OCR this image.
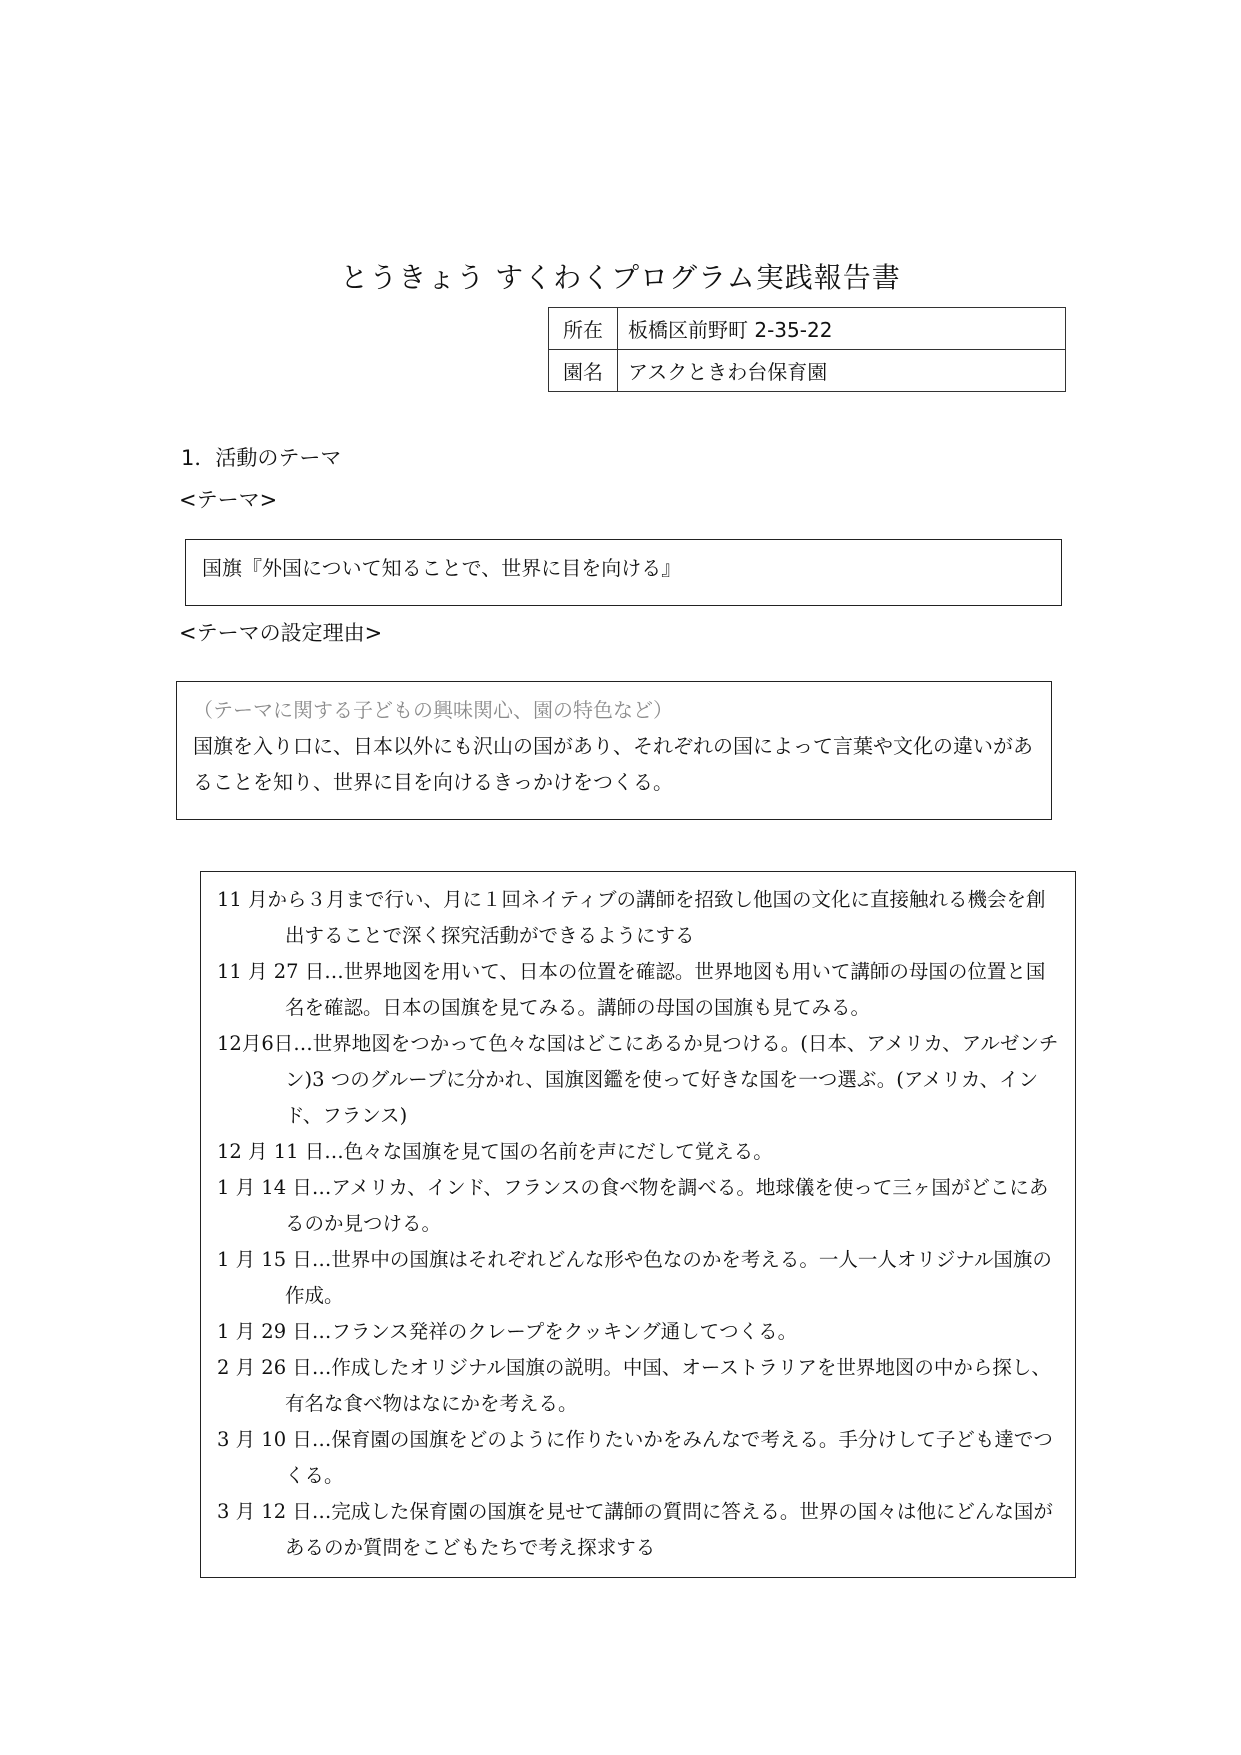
とうきょう すくわくプログラム実践報告書
所在	板橋区前野町 2-35-22
園名	アスクときわ台保育園
1．活動のテーマ
<テーマ>
国旗『外国について知ることで、世界に目を向ける』
<テーマの設定理由>
（テーマに関する子どもの興味関心、園の特色など）
国旗を入り口に、日本以外にも沢山の国があり、それぞれの国によって言葉や文化の違いがあることを知り、世界に目を向けるきっかけをつくる。

11 月から３月まで行い、月に１回ネイティブの講師を招致し他国の文化に直接触れる機会を創出することで深く探究活動ができるようにする

11 月 27 日…世界地図を用いて、日本の位置を確認。世界地図も用いて講師の母国の位置と国名を確認。日本の国旗を見てみる。講師の母国の国旗も見てみる。

12月6日…世界地図をつかって色々な国はどこにあるか見つける。(日本、アメリカ、アルゼンチン)3 つのグループに分かれ、国旗図鑑を使って好きな国を一つ選ぶ。(アメリカ、インド、フランス)

12 月 11 日…色々な国旗を見て国の名前を声にだして覚える。

1 月 14 日…アメリカ、インド、フランスの食べ物を調べる。地球儀を使って三ヶ国がどこにあるのか見つける。

1 月 15 日…世界中の国旗はそれぞれどんな形や色なのかを考える。一人一人オリジナル国旗の作成。

1 月 29 日…フランス発祥のクレープをクッキング通してつくる。

2 月 26 日…作成したオリジナル国旗の説明。中国、オーストラリアを世界地図の中から探し、有名な食べ物はなにかを考える。

3 月 10 日…保育園の国旗をどのように作りたいかをみんなで考える。手分けして子ども達でつくる。

3 月 12 日…完成した保育園の国旗を見せて講師の質問に答える。世界の国々は他にどんな国があるのか質問をこどもたちで考え探求する
